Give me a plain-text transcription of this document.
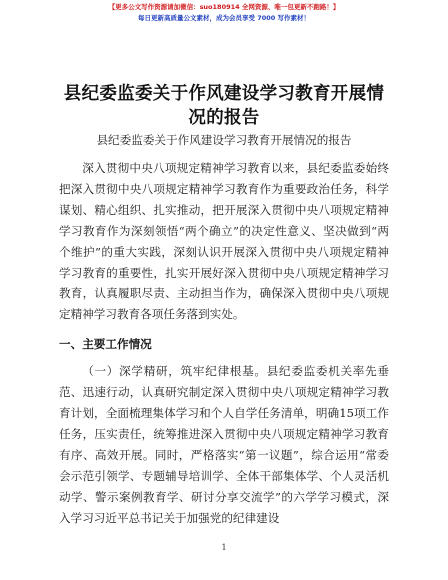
【更多公文写作资源请加微信：suo180914 全网资源、唯一包更新不跑路！】
每日更新高质量公文素材，成为会员享受 7000 写作素材！
县纪委监委关于作风建设学习教育开展情况的报告
县纪委监委关于作风建设学习教育开展情况的报告

深入贯彻中央八项规定精神学习教育以来，县纪委监委始终把深入贯彻中央八项规定精神学习教育作为重要政治任务，科学谋划、精心组织、扎实推动，把开展深入贯彻中央八项规定精神学习教育作为深刻领悟“两个确立”的决定性意义、坚决做到“两个维护”的重大实践，深刻认识开展深入贯彻中央八项规定精神学习教育的重要性，扎实开展好深入贯彻中央八项规定精神学习教育，认真履职尽责、主动担当作为，确保深入贯彻中央八项规定精神学习教育各项任务落到实处。

一、主要工作情况

（一）深学精研，筑牢纪律根基。县纪委监委机关率先垂范、迅速行动，认真研究制定深入贯彻中央八项规定精神学习教育计划，全面梳理集体学习和个人自学任务清单，明确15项工作任务，压实责任，统筹推进深入贯彻中央八项规定精神学习教育有序、高效开展。同时，严格落实“第一议题”，综合运用“常委会示范引领学、专题辅导培训学、全体干部集体学、个人灵活机动学、警示案例教育学、研讨分享交流学”的六学学习模式，深入学习习近平总书记关于加强党的纪律建设

1
